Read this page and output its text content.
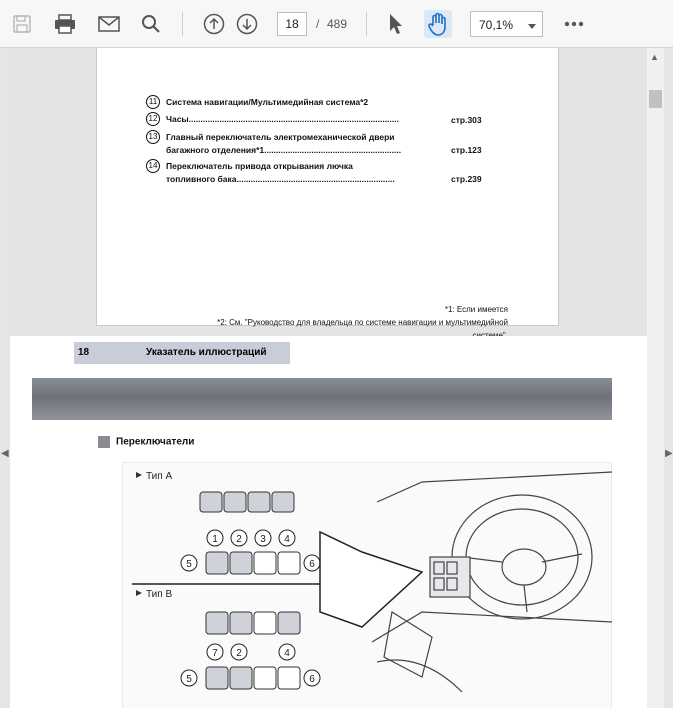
18	/ 489	70,1%
◀	▶
11 Система навигации/Мультимедийная система*2
12 Часы.........................................................................................	стр.303
13 Главный переключатель электромеханической двери
багажного отделения*1..........................................................	стр.123
14 Переключатель привода открывания лючка
топливного бака...................................................................	стр.239
*1: Если имеется
*2: См. "Руководство для владельца по системе навигации и мультимедийной
18	Указатель иллюстраций
Переключатели
Тип А
1 2 3 4
5	6
Тип В
7 2	4
5	6
▲
